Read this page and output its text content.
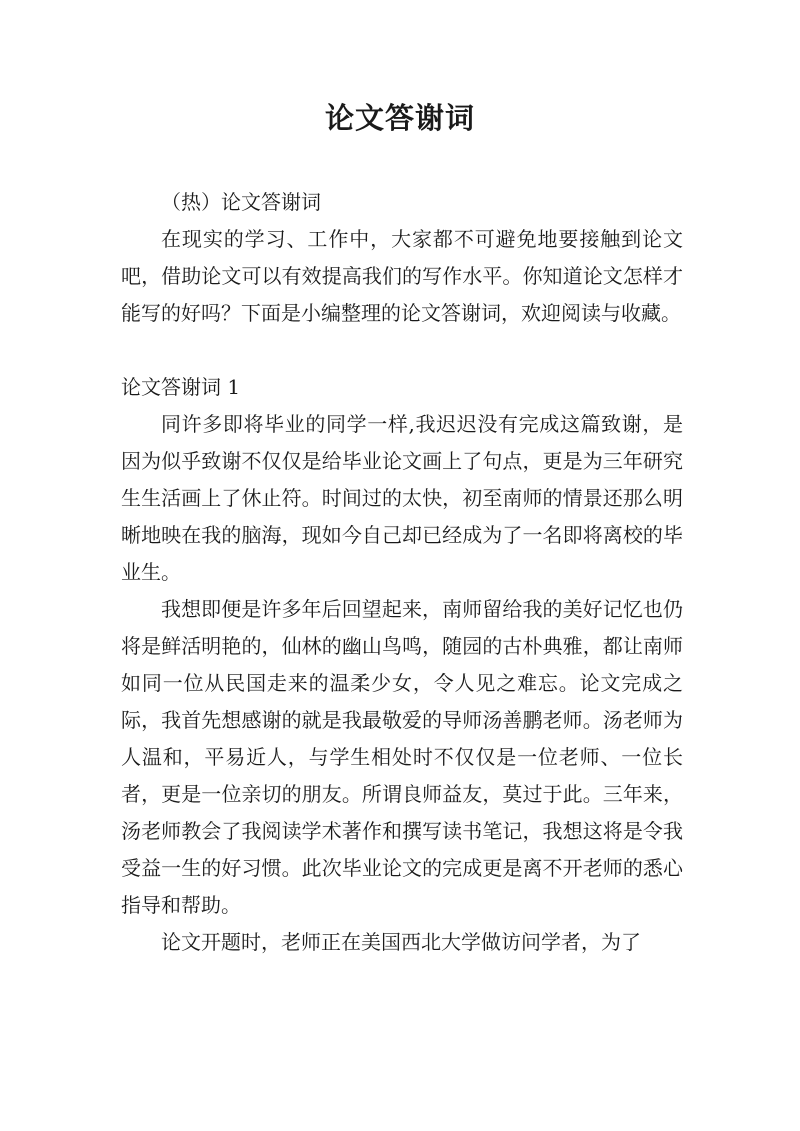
论文答谢词

（热）论文答谢词

在现实的学习、工作中，大家都不可避免地要接触到论文吧，借助论文可以有效提高我们的写作水平。你知道论文怎样才能写的好吗？下面是小编整理的论文答谢词，欢迎阅读与收藏。

论文答谢词 1

同许多即将毕业的同学一样,我迟迟没有完成这篇致谢，是因为似乎致谢不仅仅是给毕业论文画上了句点，更是为三年研究生生活画上了休止符。时间过的太快，初至南师的情景还那么明晰地映在我的脑海，现如今自己却已经成为了一名即将离校的毕业生。

我想即便是许多年后回望起来，南师留给我的美好记忆也仍将是鲜活明艳的，仙林的幽山鸟鸣，随园的古朴典雅，都让南师如同一位从民国走来的温柔少女，令人见之难忘。论文完成之际，我首先想感谢的就是我最敬爱的导师汤善鹏老师。汤老师为人温和，平易近人，与学生相处时不仅仅是一位老师、一位长者，更是一位亲切的朋友。所谓良师益友，莫过于此。三年来，汤老师教会了我阅读学术著作和撰写读书笔记，我想这将是令我受益一生的好习惯。此次毕业论文的完成更是离不开老师的悉心指导和帮助。

论文开题时，老师正在美国西北大学做访问学者，为了
